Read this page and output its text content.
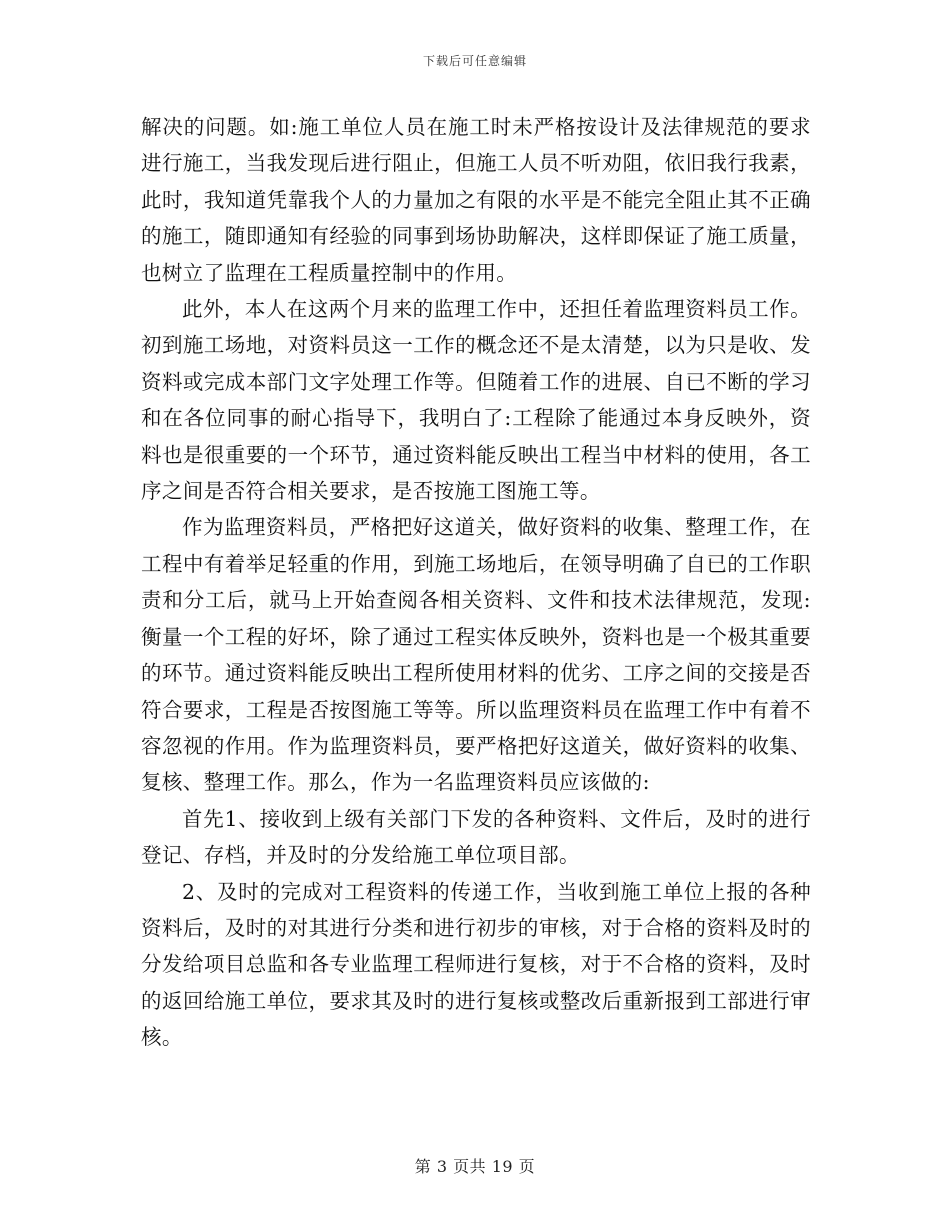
下载后可任意编辑

解决的问题。如:施工单位人员在施工时未严格按设计及法律规范的要求进行施工，当我发现后进行阻止，但施工人员不听劝阻，依旧我行我素，此时，我知道凭靠我个人的力量加之有限的水平是不能完全阻止其不正确的施工，随即通知有经验的同事到场协助解决，这样即保证了施工质量，也树立了监理在工程质量控制中的作用。

此外，本人在这两个月来的监理工作中，还担任着监理资料员工作。初到施工场地，对资料员这一工作的概念还不是太清楚，以为只是收、发资料或完成本部门文字处理工作等。但随着工作的进展、自已不断的学习和在各位同事的耐心指导下，我明白了:工程除了能通过本身反映外，资料也是很重要的一个环节，通过资料能反映出工程当中材料的使用，各工序之间是否符合相关要求，是否按施工图施工等。

作为监理资料员，严格把好这道关，做好资料的收集、整理工作，在工程中有着举足轻重的作用，到施工场地后，在领导明确了自已的工作职责和分工后，就马上开始查阅各相关资料、文件和技术法律规范，发现:衡量一个工程的好坏，除了通过工程实体反映外，资料也是一个极其重要的环节。通过资料能反映出工程所使用材料的优劣、工序之间的交接是否符合要求，工程是否按图施工等等。所以监理资料员在监理工作中有着不容忽视的作用。作为监理资料员，要严格把好这道关，做好资料的收集、复核、整理工作。那么，作为一名监理资料员应该做的:

首先1、接收到上级有关部门下发的各种资料、文件后，及时的进行登记、存档，并及时的分发给施工单位项目部。

2、及时的完成对工程资料的传递工作，当收到施工单位上报的各种资料后，及时的对其进行分类和进行初步的审核，对于合格的资料及时的分发给项目总监和各专业监理工程师进行复核，对于不合格的资料，及时的返回给施工单位，要求其及时的进行复核或整改后重新报到工部进行审核。

第 3 页共 19 页
